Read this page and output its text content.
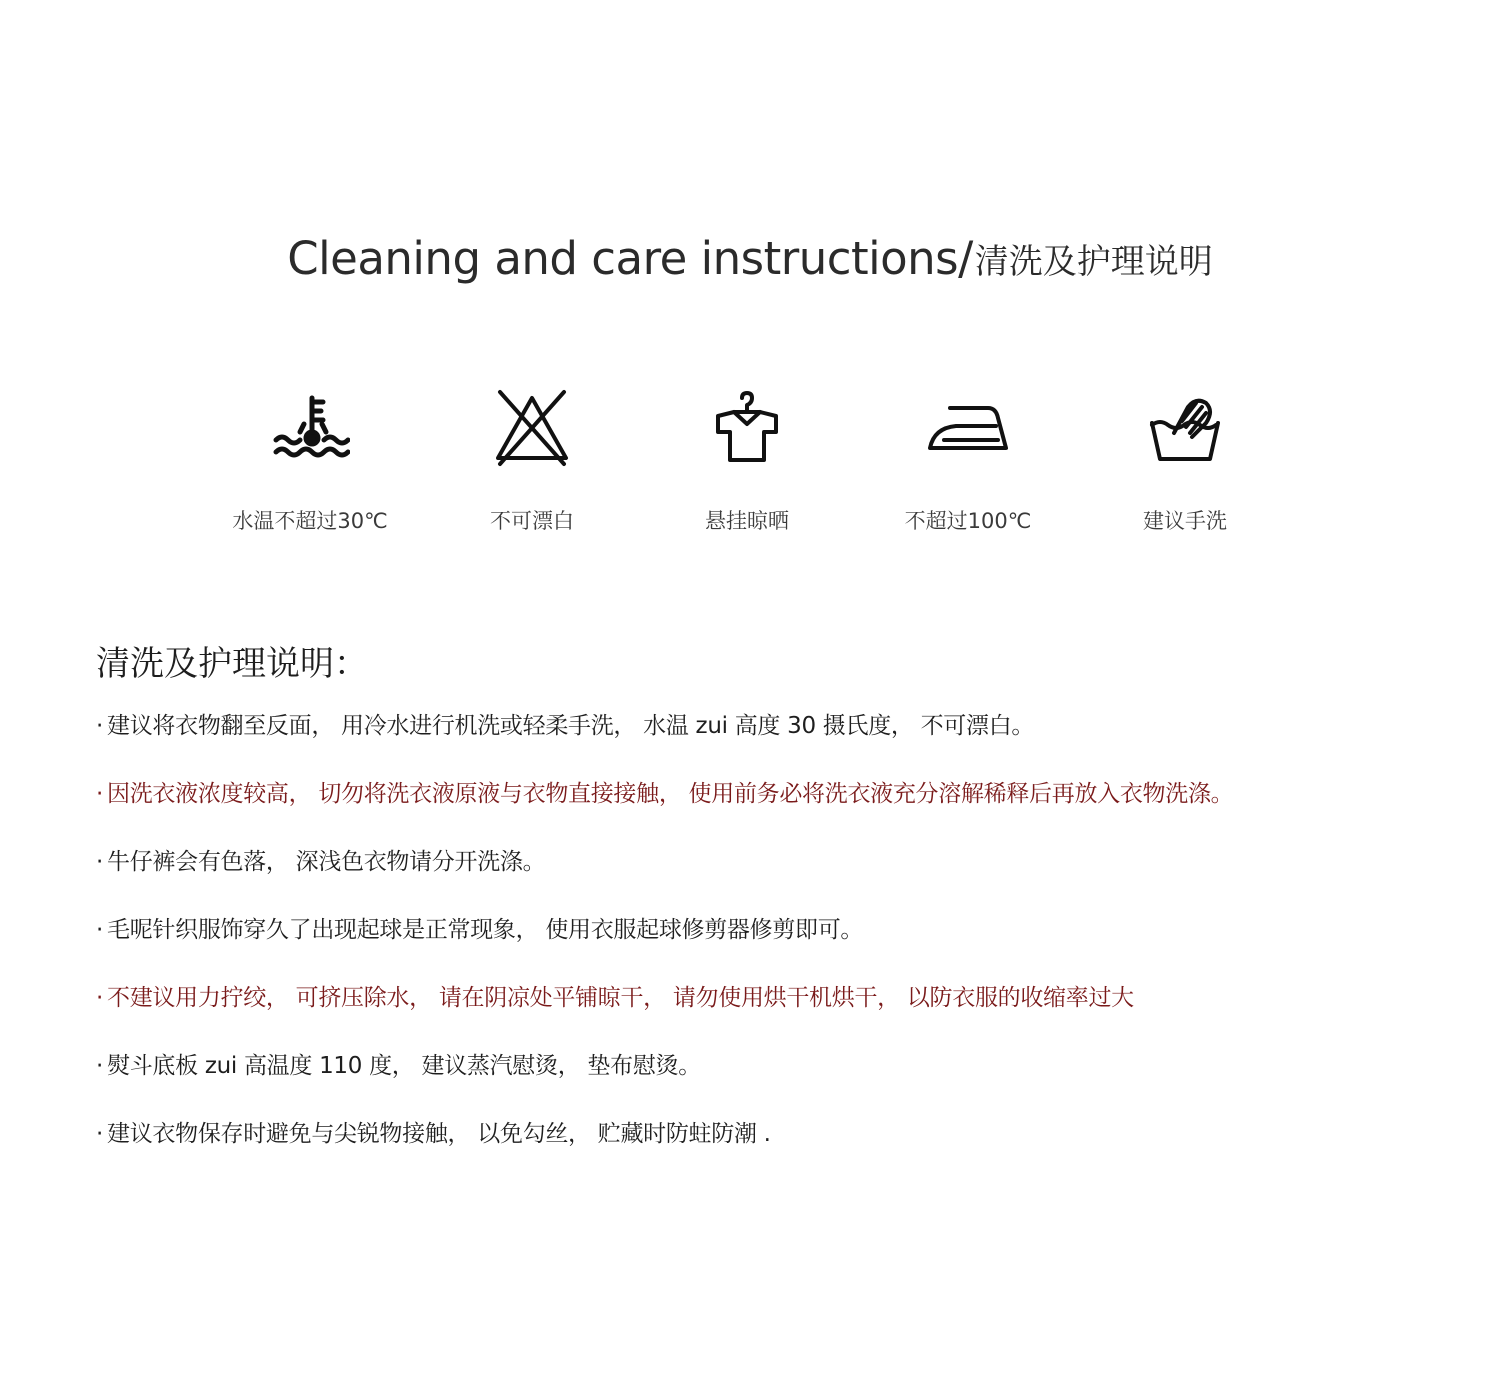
Cleaning and care instructions/清洗及护理说明
水温不超过30℃	不可漂白	悬挂晾晒	不超过100℃	建议手洗
清洗及护理说明：
· 建议将衣物翻至反面， 用冷水进行机洗或轻柔手洗， 水温 zui 高度 30 摄氏度， 不可漂白。
· 因洗衣液浓度较高， 切勿将洗衣液原液与衣物直接接触， 使用前务必将洗衣液充分溶解稀释后再放入衣物洗涤。
· 牛仔裤会有色落， 深浅色衣物请分开洗涤。
· 毛呢针织服饰穿久了出现起球是正常现象， 使用衣服起球修剪器修剪即可。
· 不建议用力拧绞， 可挤压除水， 请在阴凉处平铺晾干， 请勿使用烘干机烘干， 以防衣服的收缩率过大
· 熨斗底板 zui 高温度 110 度， 建议蒸汽慰烫， 垫布慰烫。
· 建议衣物保存时避免与尖锐物接触， 以免勾丝， 贮藏时防蛀防潮 .
